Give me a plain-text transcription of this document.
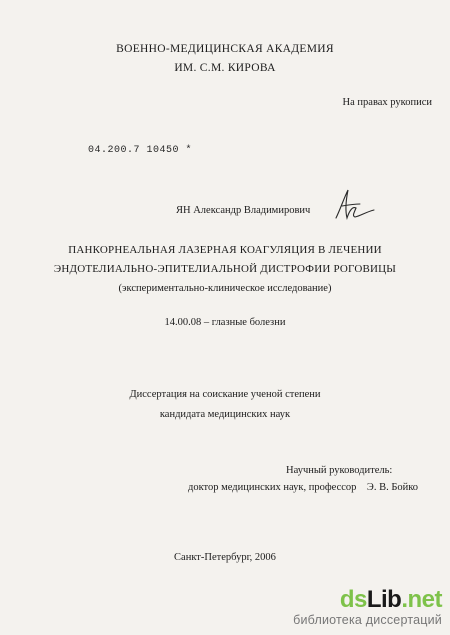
ВОЕННО-МЕДИЦИНСКАЯ АКАДЕМИЯ
ИМ. С.М. КИРОВА
На правах рукописи
04.200.7 10450 *
ЯН Александр Владимирович
ПАНКОРНЕАЛЬНАЯ ЛАЗЕРНАЯ КОАГУЛЯЦИЯ В ЛЕЧЕНИИ
ЭНДОТЕЛИАЛЬНО-ЭПИТЕЛИАЛЬНОЙ ДИСТРОФИИ РОГОВИЦЫ
(экспериментально-клиническое исследование)
14.00.08 – глазные болезни
Диссертация на соискание ученой степени
кандидата медицинских наук
Научный руководитель:
доктор медицинских наук, профессор    Э. В. Бойко
Санкт-Петербург, 2006
dsLib.net
библиотека диссертаций
